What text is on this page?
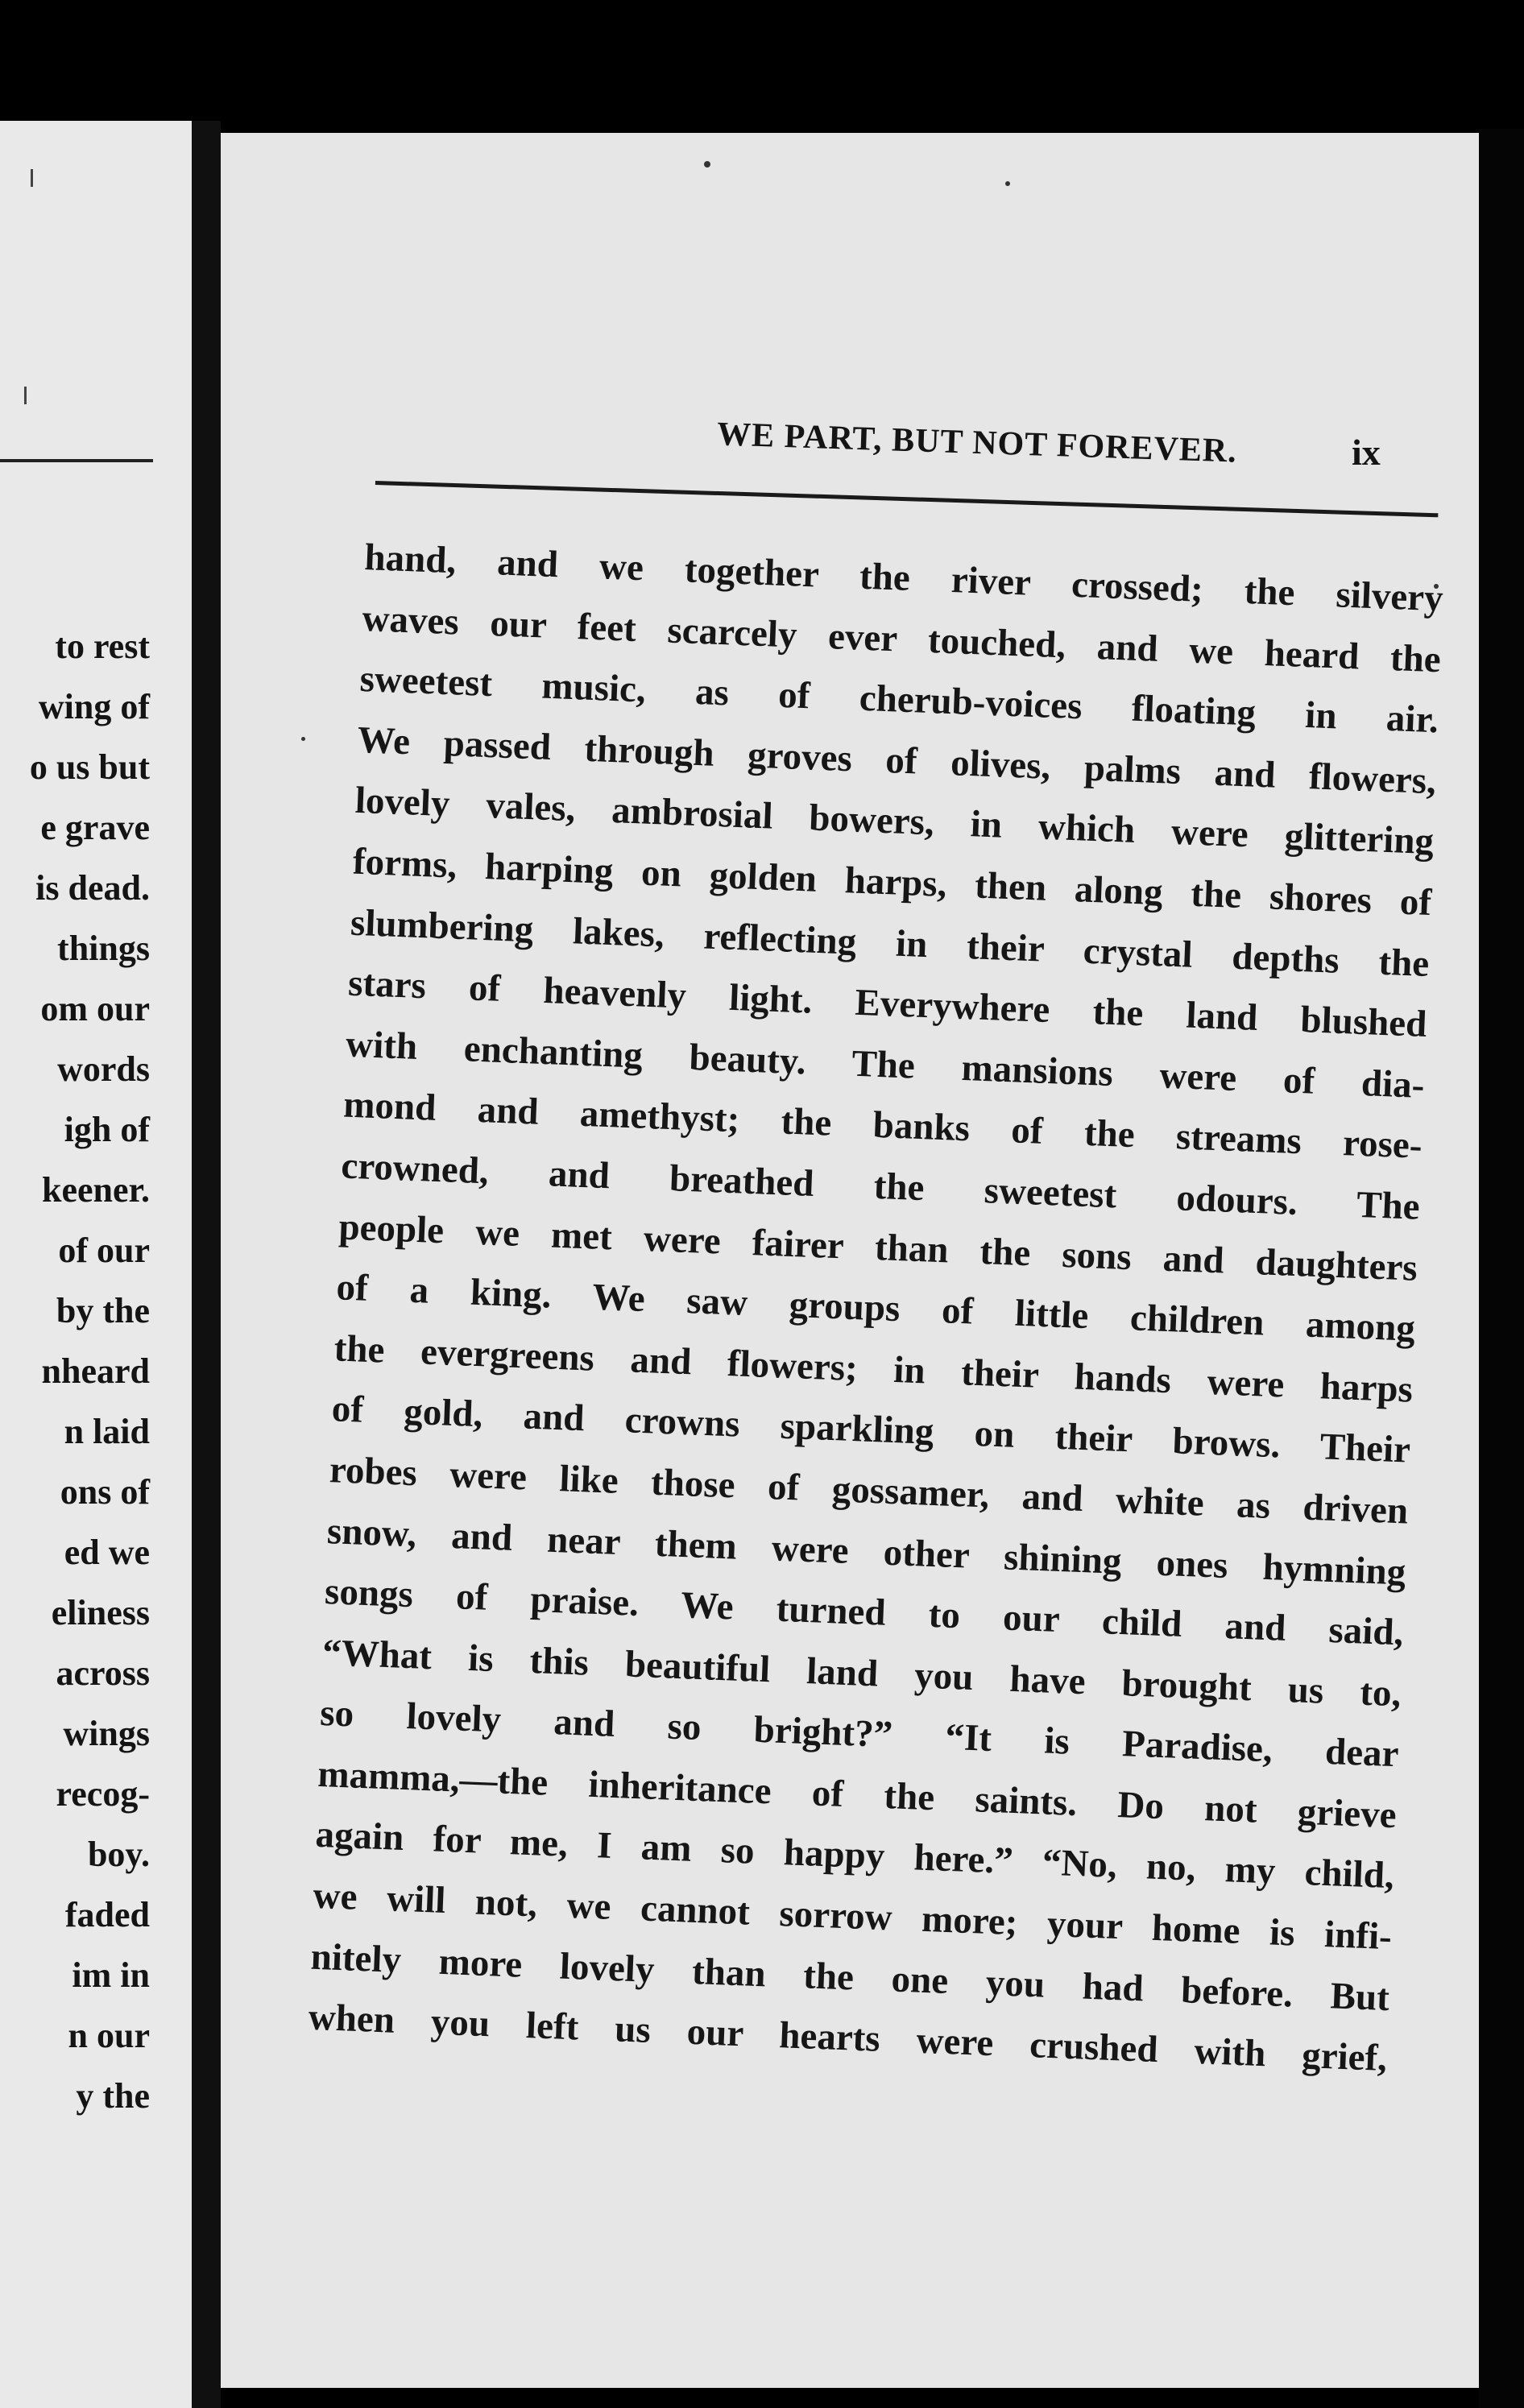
to rest
wing of
o us but
e grave
is dead.
things
om our
words
igh of
keener.
of our
by the
nheard
n laid
ons of
ed we
eliness
across
wings
recog-
boy.
faded
im in
n our
y the
WE PART, BUT NOT FOREVER.	ix
hand, and we together the river crossed; the silvery
waves our feet scarcely ever touched, and we heard the
sweetest music, as of cherub-voices floating in air.
We passed through groves of olives, palms and flowers,
lovely vales, ambrosial bowers, in which were glittering
forms, harping on golden harps, then along the shores of
slumbering lakes, reflecting in their crystal depths the
stars of heavenly light. Everywhere the land blushed
with enchanting beauty. The mansions were of dia-
mond and amethyst; the banks of the streams rose-
crowned, and breathed the sweetest odours. The
people we met were fairer than the sons and daughters
of a king. We saw groups of little children among
the evergreens and flowers; in their hands were harps
of gold, and crowns sparkling on their brows. Their
robes were like those of gossamer, and white as driven
snow, and near them were other shining ones hymning
songs of praise. We turned to our child and said,
“What is this beautiful land you have brought us to,
so lovely and so bright?” “It is Paradise, dear
mamma,—the inheritance of the saints. Do not grieve
again for me, I am so happy here.” “No, no, my child,
we will not, we cannot sorrow more; your home is infi-
nitely more lovely than the one you had before. But
when you left us our hearts were crushed with grief,
